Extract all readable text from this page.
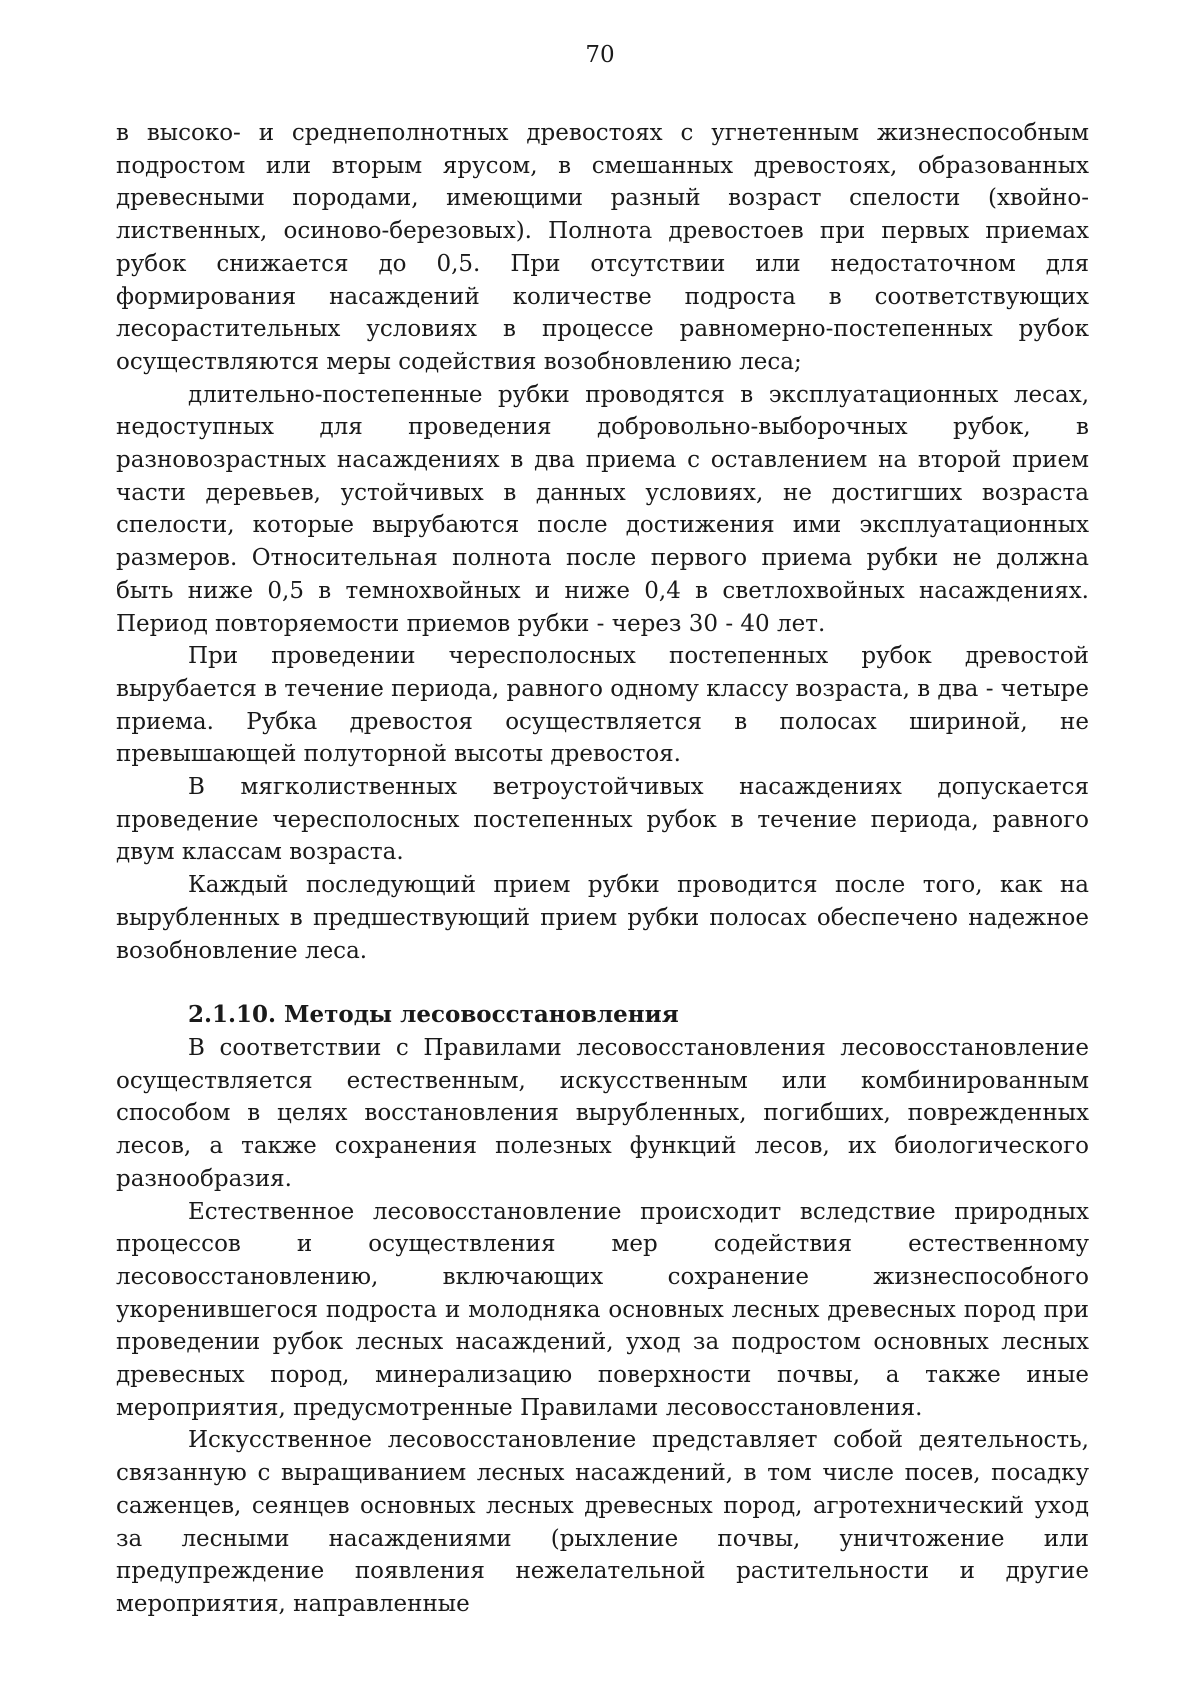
70

в высоко- и среднеполнотных древостоях с угнетенным жизнеспособным подростом или вторым ярусом, в смешанных древостоях, образованных древесными породами, имеющими разный возраст спелости (хвойно-лиственных, осиново-березовых). Полнота древостоев при первых приемах рубок снижается до 0,5. При отсутствии или недостаточном для формирования насаждений количестве подроста в соответствующих лесорастительных условиях в процессе равномерно-постепенных рубок осуществляются меры содействия возобновлению леса;

длительно-постепенные рубки проводятся в эксплуатационных лесах, недоступных для проведения добровольно-выборочных рубок, в разновозрастных насаждениях в два приема с оставлением на второй прием части деревьев, устойчивых в данных условиях, не достигших возраста спелости, которые вырубаются после достижения ими эксплуатационных размеров. Относительная полнота после первого приема рубки не должна быть ниже 0,5 в темнохвойных и ниже 0,4 в светлохвойных насаждениях. Период повторяемости приемов рубки - через 30 - 40 лет.

При проведении чересполосных постепенных рубок древостой вырубается в течение периода, равного одному классу возраста, в два - четыре приема. Рубка древостоя осуществляется в полосах шириной, не превышающей полуторной высоты древостоя.

В мягколиственных ветроустойчивых насаждениях допускается проведение чересполосных постепенных рубок в течение периода, равного двум классам возраста.

Каждый последующий прием рубки проводится после того, как на вырубленных в предшествующий прием рубки полосах обеспечено надежное возобновление леса.

2.1.10. Методы лесовосстановления

В соответствии с Правилами лесовосстановления лесовосстановление осуществляется естественным, искусственным или комбинированным способом в целях восстановления вырубленных, погибших, поврежденных лесов, а также сохранения полезных функций лесов, их биологического разнообразия.

Естественное лесовосстановление происходит вследствие природных процессов и осуществления мер содействия естественному лесовосстановлению, включающих сохранение жизнеспособного укоренившегося подроста и молодняка основных лесных древесных пород при проведении рубок лесных насаждений, уход за подростом основных лесных древесных пород, минерализацию поверхности почвы, а также иные мероприятия, предусмотренные Правилами лесовосстановления.

Искусственное лесовосстановление представляет собой деятельность, связанную с выращиванием лесных насаждений, в том числе посев, посадку саженцев, сеянцев основных лесных древесных пород, агротехнический уход за лесными насаждениями (рыхление почвы, уничтожение или предупреждение появления нежелательной растительности и другие мероприятия, направленные
